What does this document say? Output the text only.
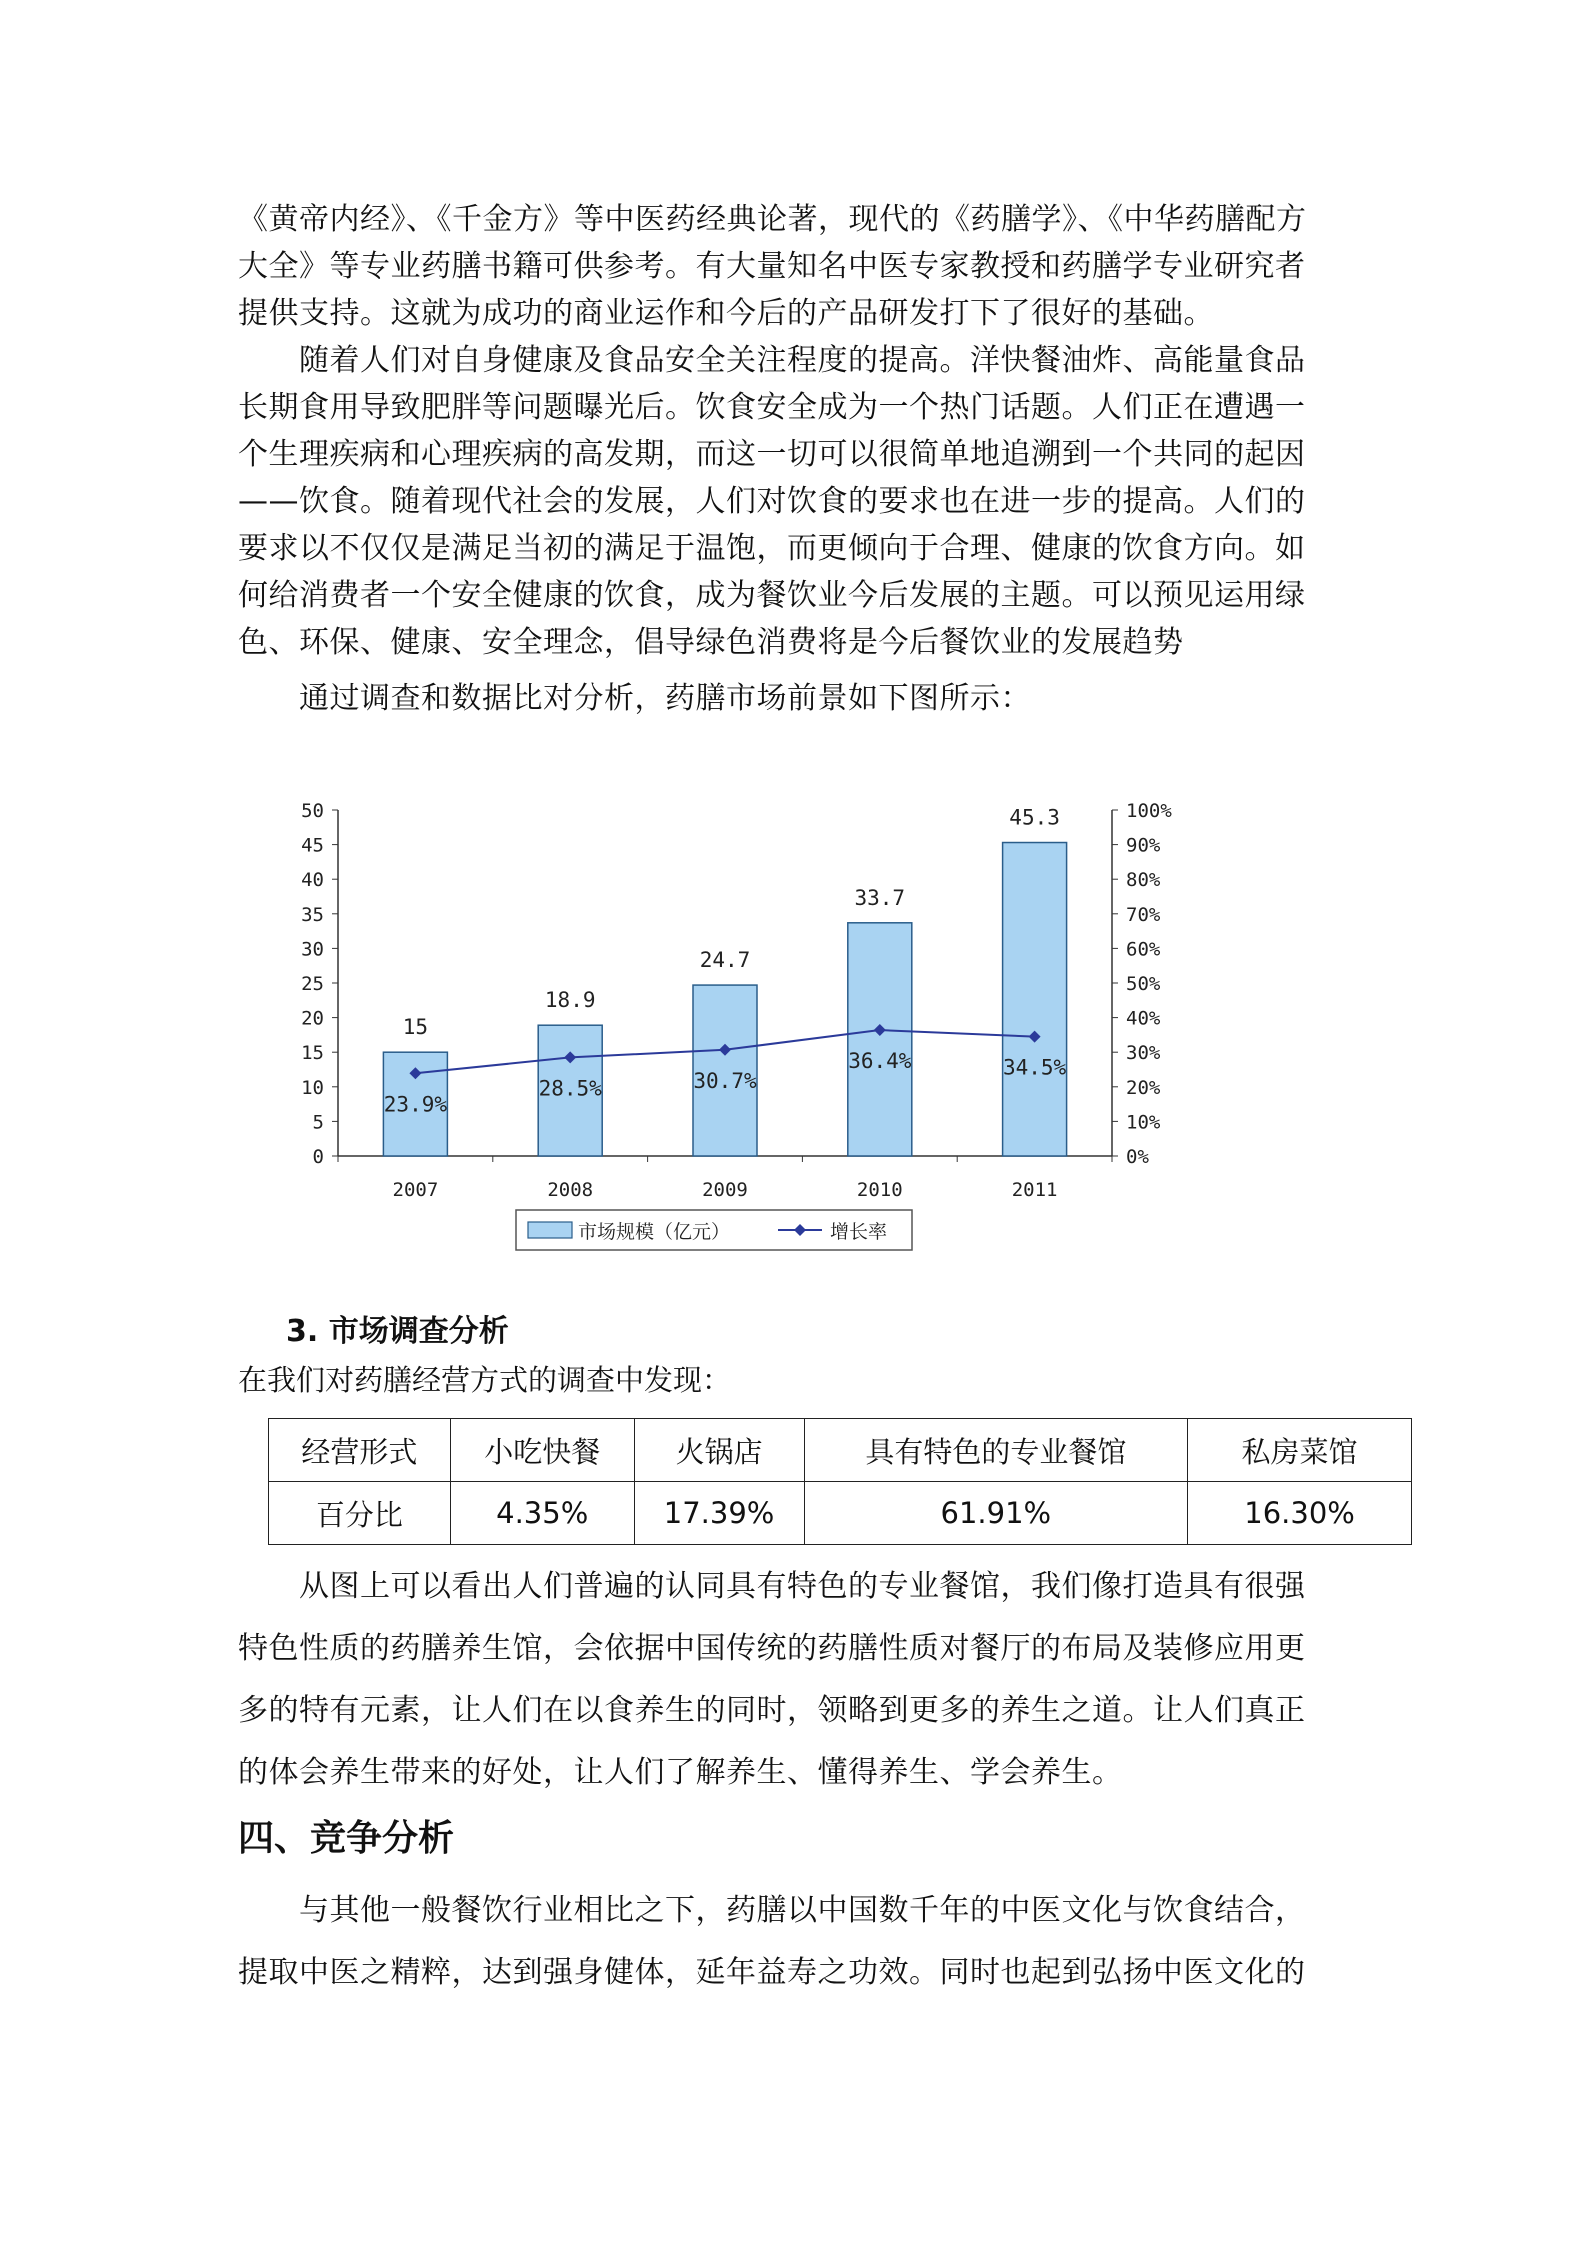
《黄帝内经》、《千金方》等中医药经典论著，现代的《药膳学》、《中华药膳配方
大全》等专业药膳书籍可供参考。有大量知名中医专家教授和药膳学专业研究者
提供支持。这就为成功的商业运作和今后的产品研发打下了很好的基础。

　　随着人们对自身健康及食品安全关注程度的提高。洋快餐油炸、高能量食品
长期食用导致肥胖等问题曝光后。饮食安全成为一个热门话题。人们正在遭遇一
个生理疾病和心理疾病的高发期，而这一切可以很简单地追溯到一个共同的起因
——饮食。随着现代社会的发展，人们对饮食的要求也在进一步的提高。人们的
要求以不仅仅是满足当初的满足于温饱，而更倾向于合理、健康的饮食方向。如
何给消费者一个安全健康的饮食，成为餐饮业今后发展的主题。可以预见运用绿
色、环保、健康、安全理念，倡导绿色消费将是今后餐饮业的发展趋势

　　通过调查和数据比对分析，药膳市场前景如下图所示：

0
5
10
15
20
25
30
35
40
45
50
0%
10%
20%
30%
40%
50%
60%
70%
80%
90%
100%
2007	2008	2009	2010	2011
15
18.9
24.7
33.7
45.3
23.9%
28.5%	30.7%
36.4%	34.5%
市场规模（亿元）	增长率
3. 市场调查分析

在我们对药膳经营方式的调查中发现：

经营形式	小吃快餐	火锅店	具有特色的专业餐馆	私房菜馆
百分比	4.35%	17.39%	61.91%	16.30%

　　从图上可以看出人们普遍的认同具有特色的专业餐馆，我们像打造具有很强
特色性质的药膳养生馆，会依据中国传统的药膳性质对餐厅的布局及装修应用更
多的特有元素，让人们在以食养生的同时，领略到更多的养生之道。让人们真正
的体会养生带来的好处，让人们了解养生、懂得养生、学会养生。

四、竞争分析

　　与其他一般餐饮行业相比之下，药膳以中国数千年的中医文化与饮食结合，
提取中医之精粹，达到强身健体，延年益寿之功效。同时也起到弘扬中医文化的
